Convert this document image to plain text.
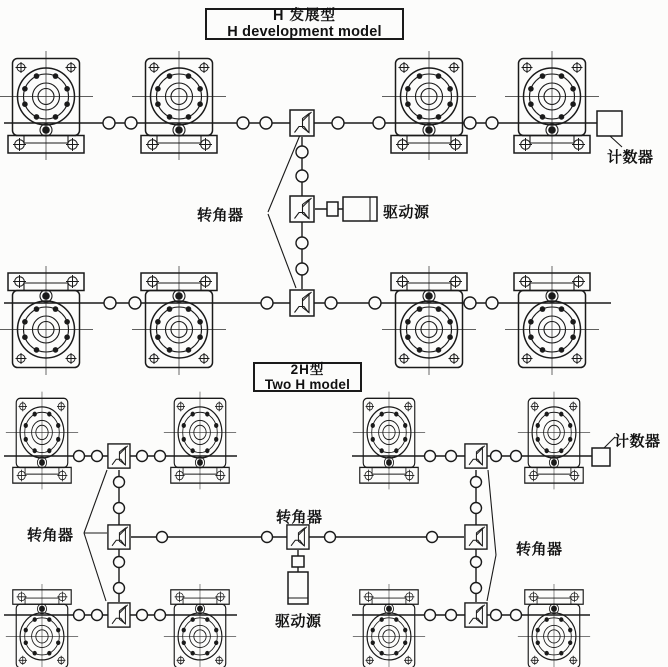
H 发展型
H development model
2H型
Two H model
转角器	驱动源
计数器
转角器
转角器
转角器
驱动源
计数器
